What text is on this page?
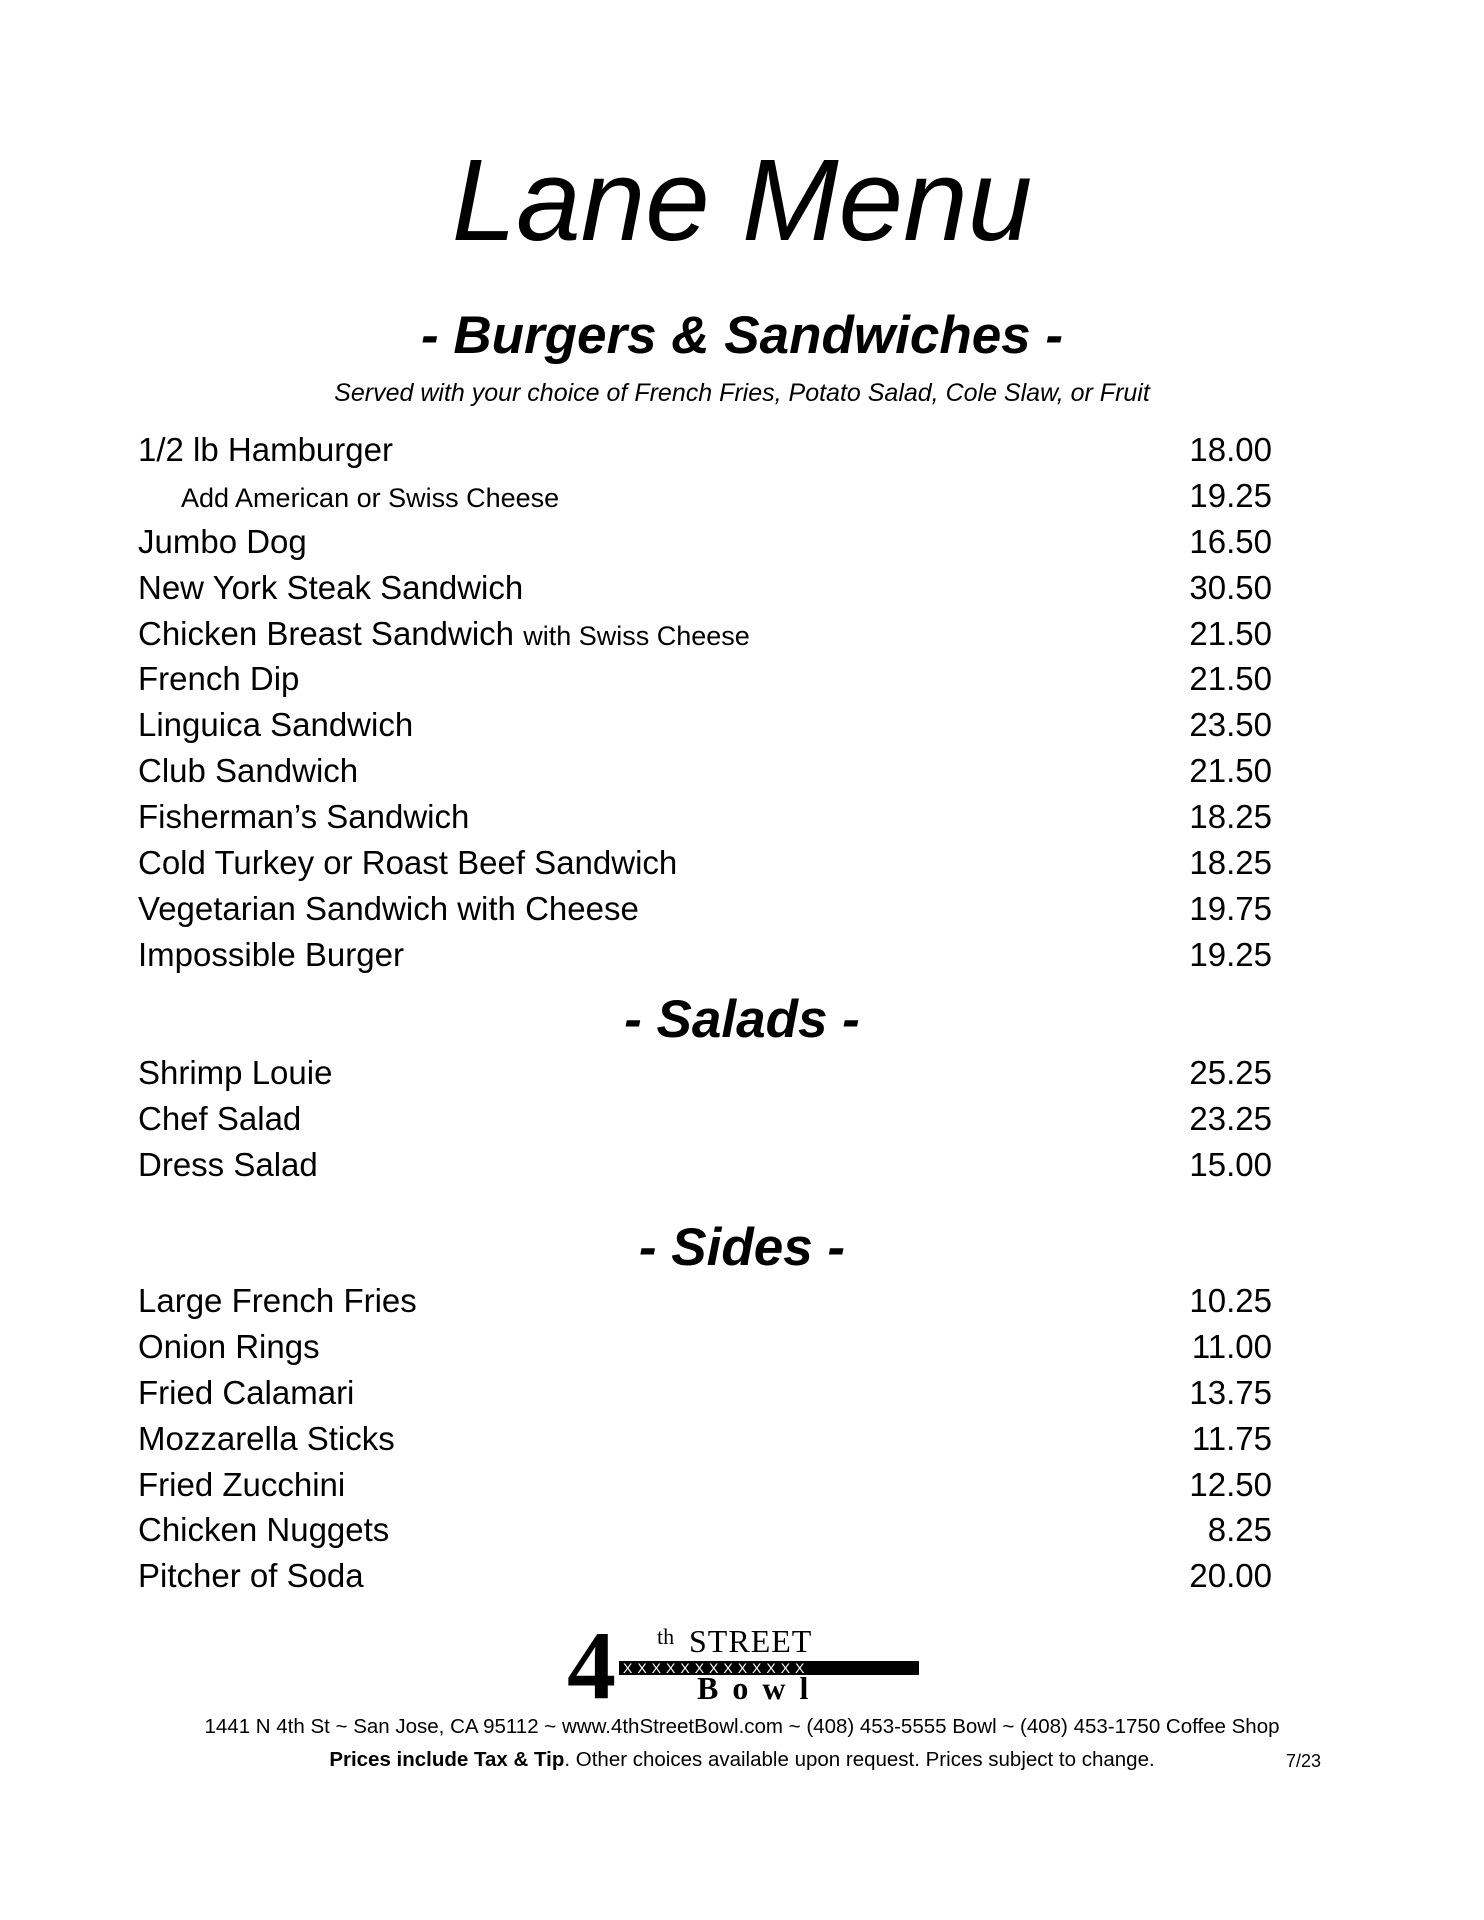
Lane Menu
- Burgers & Sandwiches -
Served with your choice of French Fries, Potato Salad, Cole Slaw, or Fruit
1/2 lb Hamburger	18.00
Add American or Swiss Cheese	19.25
Jumbo Dog	16.50
New York Steak Sandwich	30.50
Chicken Breast Sandwich with Swiss Cheese	21.50
French Dip	21.50
Linguica Sandwich	23.50
Club Sandwich	21.50
Fisherman’s Sandwich	18.25
Cold Turkey or Roast Beef Sandwich	18.25
Vegetarian Sandwich with Cheese	19.75
Impossible Burger	19.25
- Salads -
Shrimp Louie	25.25
Chef Salad	23.25
Dress Salad	15.00
- Sides -
Large French Fries	10.25
Onion Rings	11.00
Fried Calamari	13.75
Mozzarella Sticks	11.75
Fried Zucchini	12.50
Chicken Nuggets	8.25
Pitcher of Soda	20.00
4 th STREET
XXXXXXXXXXXXX
Bowl
1441 N 4th St ~ San Jose, CA 95112 ~ www.4thStreetBowl.com ~ (408) 453-5555 Bowl ~ (408) 453-1750 Coffee Shop
Prices include Tax & Tip. Other choices available upon request. Prices subject to change.	7/23
